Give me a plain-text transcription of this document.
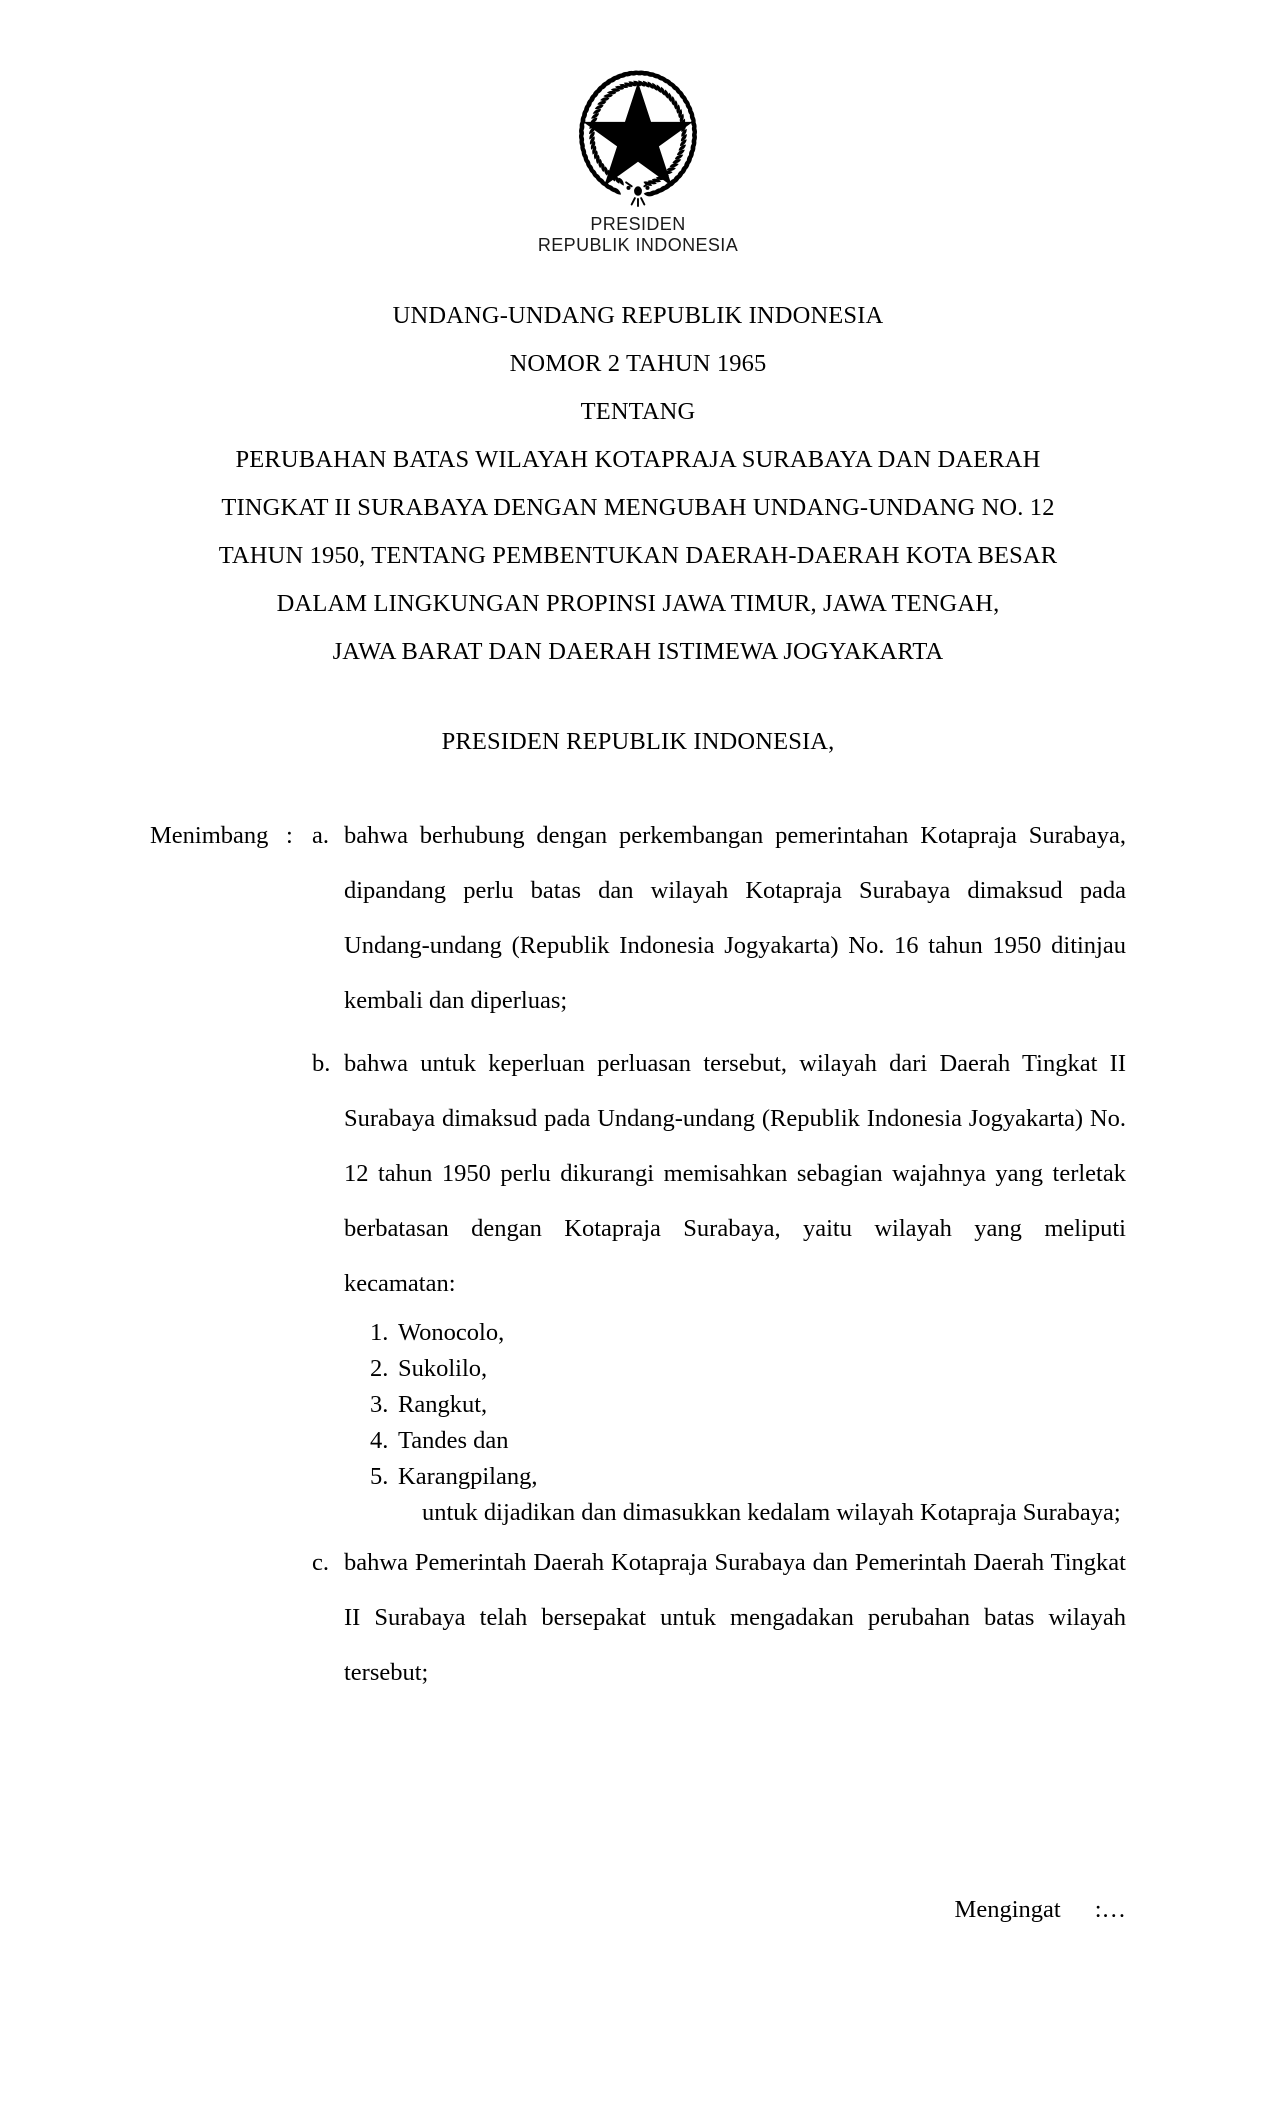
PRESIDEN
REPUBLIK INDONESIA
UNDANG-UNDANG REPUBLIK INDONESIA
NOMOR 2 TAHUN 1965
TENTANG
PERUBAHAN BATAS WILAYAH KOTAPRAJA SURABAYA DAN DAERAH
TINGKAT II SURABAYA DENGAN MENGUBAH UNDANG-UNDANG NO. 12
TAHUN 1950, TENTANG PEMBENTUKAN DAERAH-DAERAH KOTA BESAR
DALAM LINGKUNGAN PROPINSI JAWA TIMUR, JAWA TENGAH,
JAWA BARAT DAN DAERAH ISTIMEWA JOGYAKARTA
PRESIDEN REPUBLIK INDONESIA,
Menimbang : a. bahwa berhubung dengan perkembangan pemerintahan Kotapraja Surabaya, dipandang perlu batas dan wilayah Kotapraja Surabaya dimaksud pada Undang-undang (Republik Indonesia Jogyakarta) No. 16 tahun 1950 ditinjau kembali dan diperluas;
b. bahwa untuk keperluan perluasan tersebut, wilayah dari Daerah Tingkat II Surabaya dimaksud pada Undang-undang (Republik Indonesia Jogyakarta) No. 12 tahun 1950 perlu dikurangi memisahkan sebagian wajahnya yang terletak berbatasan dengan Kotapraja Surabaya, yaitu wilayah yang meliputi kecamatan:
1. Wonocolo,
2. Sukolilo,
3. Rangkut,
4. Tandes dan
5. Karangpilang,
untuk dijadikan dan dimasukkan kedalam wilayah Kotapraja Surabaya;
c. bahwa Pemerintah Daerah Kotapraja Surabaya dan Pemerintah Daerah Tingkat II Surabaya telah bersepakat untuk mengadakan perubahan batas wilayah tersebut;
Mengingat :…
